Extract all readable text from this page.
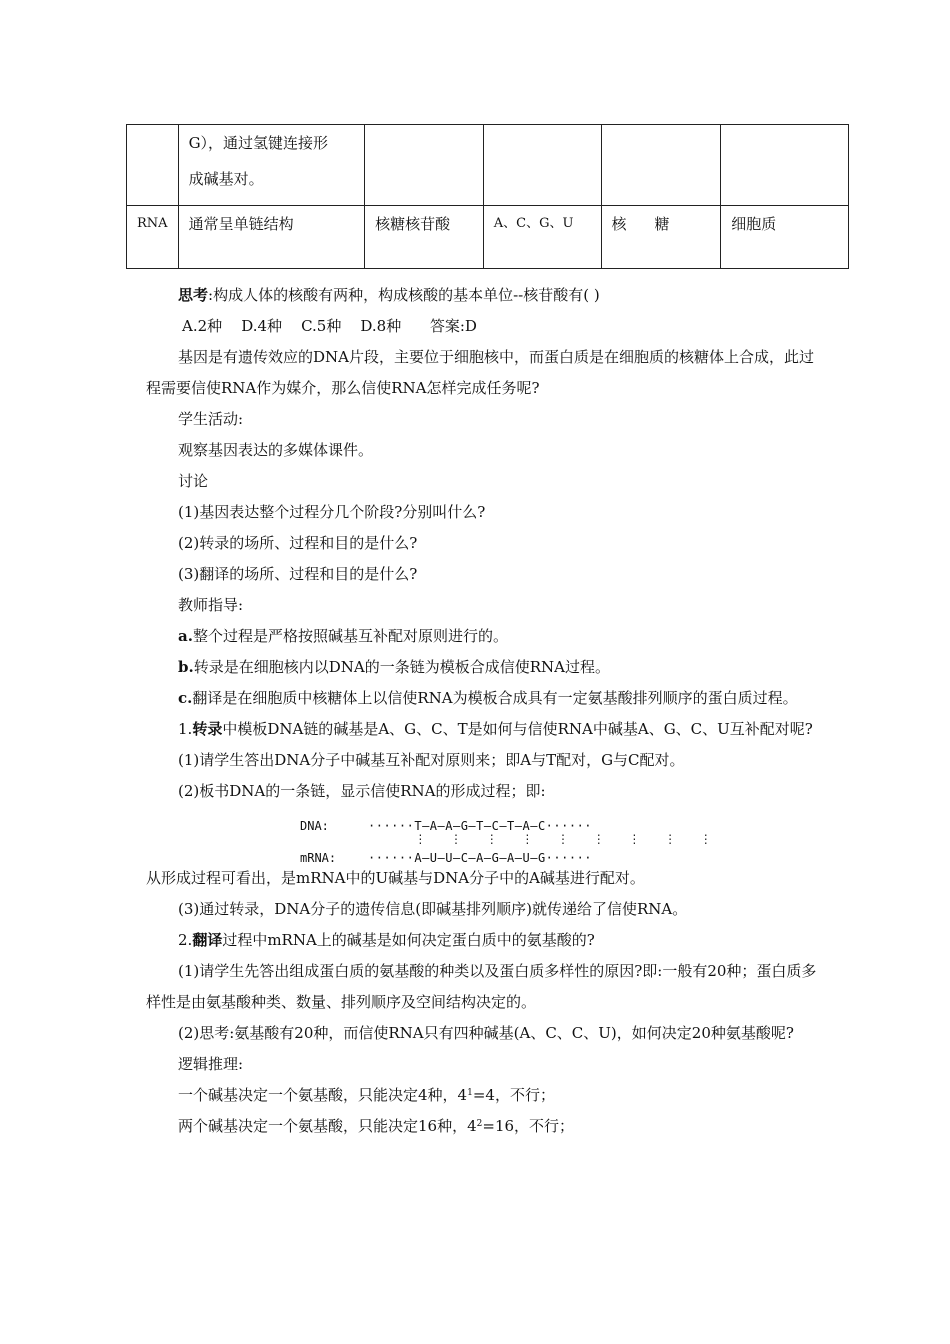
	G），通过氢键连接形
成碱基对。				

RNA	通常呈单链结构	核糖核苷酸	A、C、G、U	核糖	细胞质

思考:构成人体的核酸有两种，构成核酸的基本单位--核苷酸有( )

A.2种    D.4种    C.5种    D.8种      答案:D

基因是有遗传效应的DNA片段，主要位于细胞核中，而蛋白质是在细胞质的核糖体上合成，此过程需要信使RNA作为媒介，那么信使RNA怎样完成任务呢?

学生活动:

观察基因表达的多媒体课件。

讨论

(1)基因表达整个过程分几个阶段?分别叫什么?

(2)转录的场所、过程和目的是什么?

(3)翻译的场所、过程和目的是什么?

教师指导:

a.整个过程是严格按照碱基互补配对原则进行的。

b.转录是在细胞核内以DNA的一条链为模板合成信使RNA过程。

c.翻译是在细胞质中核糖体上以信使RNA为模板合成具有一定氨基酸排列顺序的蛋白质过程。

1.转录中模板DNA链的碱基是A、G、C、T是如何与信使RNA中碱基A、G、C、U互补配对呢?

(1)请学生答出DNA分子中碱基互补配对原则来；即A与T配对，G与C配对。

(2)板书DNA的一条链，显示信使RNA的形成过程；即:

DNA:	······T—A—A—G—T—C—T—A—C······
⋮   ⋮   ⋮   ⋮   ⋮   ⋮   ⋮   ⋮   ⋮
mRNA:	······A—U—U—C—A—G—A—U—G······

从形成过程可看出，是mRNA中的U碱基与DNA分子中的A碱基进行配对。

(3)通过转录，DNA分子的遗传信息(即碱基排列顺序)就传递给了信使RNA。

2.翻译过程中mRNA上的碱基是如何决定蛋白质中的氨基酸的?

(1)请学生先答出组成蛋白质的氨基酸的种类以及蛋白质多样性的原因?即:一般有20种；蛋白质多样性是由氨基酸种类、数量、排列顺序及空间结构决定的。

(2)思考:氨基酸有20种，而信使RNA只有四种碱基(A、C、C、U)，如何决定20种氨基酸呢?

逻辑推理:

一个碱基决定一个氨基酸，只能决定4种，$4^1=4$，不行；

两个碱基决定一个氨基酸，只能决定16种，$4^2=16$，不行；
